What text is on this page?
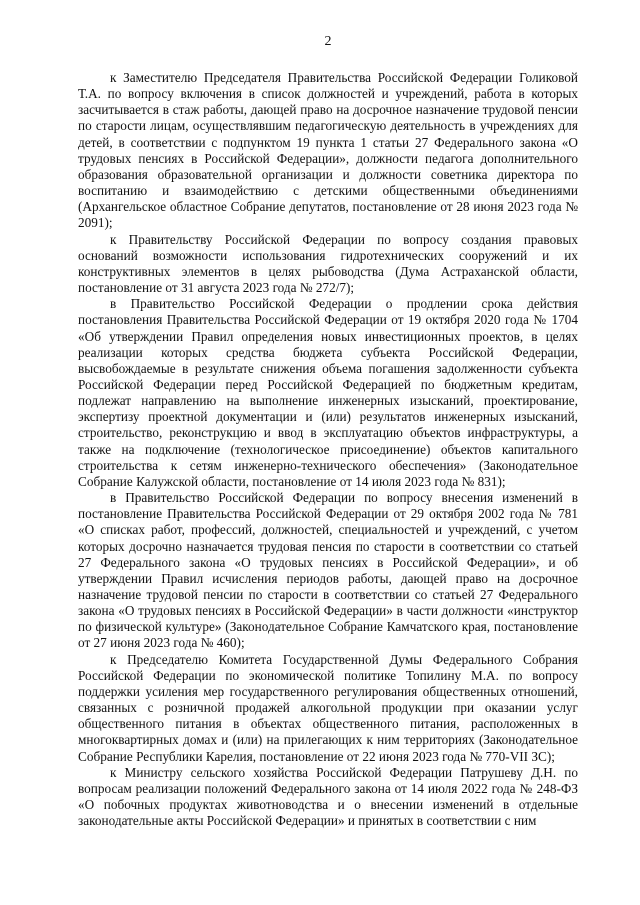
2

к Заместителю Председателя Правительства Российской Федерации Голиковой Т.А. по вопросу включения в список должностей и учреждений, работа в которых засчитывается в стаж работы, дающей право на досрочное назначение трудовой пенсии по старости лицам, осуществлявшим педагогическую деятельность в учреждениях для детей, в соответствии с подпунктом 19 пункта 1 статьи 27 Федерального закона «О трудовых пенсиях в Российской Федерации», должности педагога дополнительного образования образовательной организации и должности советника директора по воспитанию и взаимодействию с детскими общественными объединениями (Архангельское областное Собрание депутатов, постановление от 28 июня 2023 года № 2091);

к Правительству Российской Федерации по вопросу создания правовых оснований возможности использования гидротехнических сооружений и их конструктивных элементов в целях рыбоводства (Дума Астраханской области, постановление от 31 августа 2023 года № 272/7);

в Правительство Российской Федерации о продлении срока действия постановления Правительства Российской Федерации от 19 октября 2020 года № 1704 «Об утверждении Правил определения новых инвестиционных проектов, в целях реализации которых средства бюджета субъекта Российской Федерации, высвобождаемые в результате снижения объема погашения задолженности субъекта Российской Федерации перед Российской Федерацией по бюджетным кредитам, подлежат направлению на выполнение инженерных изысканий, проектирование, экспертизу проектной документации и (или) результатов инженерных изысканий, строительство, реконструкцию и ввод в эксплуатацию объектов инфраструктуры, а также на подключение (технологическое присоединение) объектов капитального строительства к сетям инженерно-технического обеспечения» (Законодательное Собрание Калужской области, постановление от 14 июля 2023 года № 831);

в Правительство Российской Федерации по вопросу внесения изменений в постановление Правительства Российской Федерации от 29 октября 2002 года № 781 «О списках работ, профессий, должностей, специальностей и учреждений, с учетом которых досрочно назначается трудовая пенсия по старости в соответствии со статьей 27 Федерального закона «О трудовых пенсиях в Российской Федерации», и об утверждении Правил исчисления периодов работы, дающей право на досрочное назначение трудовой пенсии по старости в соответствии со статьей 27 Федерального закона «О трудовых пенсиях в Российской Федерации» в части должности «инструктор по физической культуре» (Законодательное Собрание Камчатского края, постановление от 27 июня 2023 года № 460);

к Председателю Комитета Государственной Думы Федерального Собрания Российской Федерации по экономической политике Топилину М.А. по вопросу поддержки усиления мер государственного регулирования общественных отношений, связанных с розничной продажей алкогольной продукции при оказании услуг общественного питания в объектах общественного питания, расположенных в многоквартирных домах и (или) на прилегающих к ним территориях (Законодательное Собрание Республики Карелия, постановление от 22 июня 2023 года № 770-VII ЗС);

к Министру сельского хозяйства Российской Федерации Патрушеву Д.Н. по вопросам реализации положений Федерального закона от 14 июля 2022 года № 248-ФЗ «О побочных продуктах животноводства и о внесении изменений в отдельные законодательные акты Российской Федерации» и принятых в соответствии с ним
